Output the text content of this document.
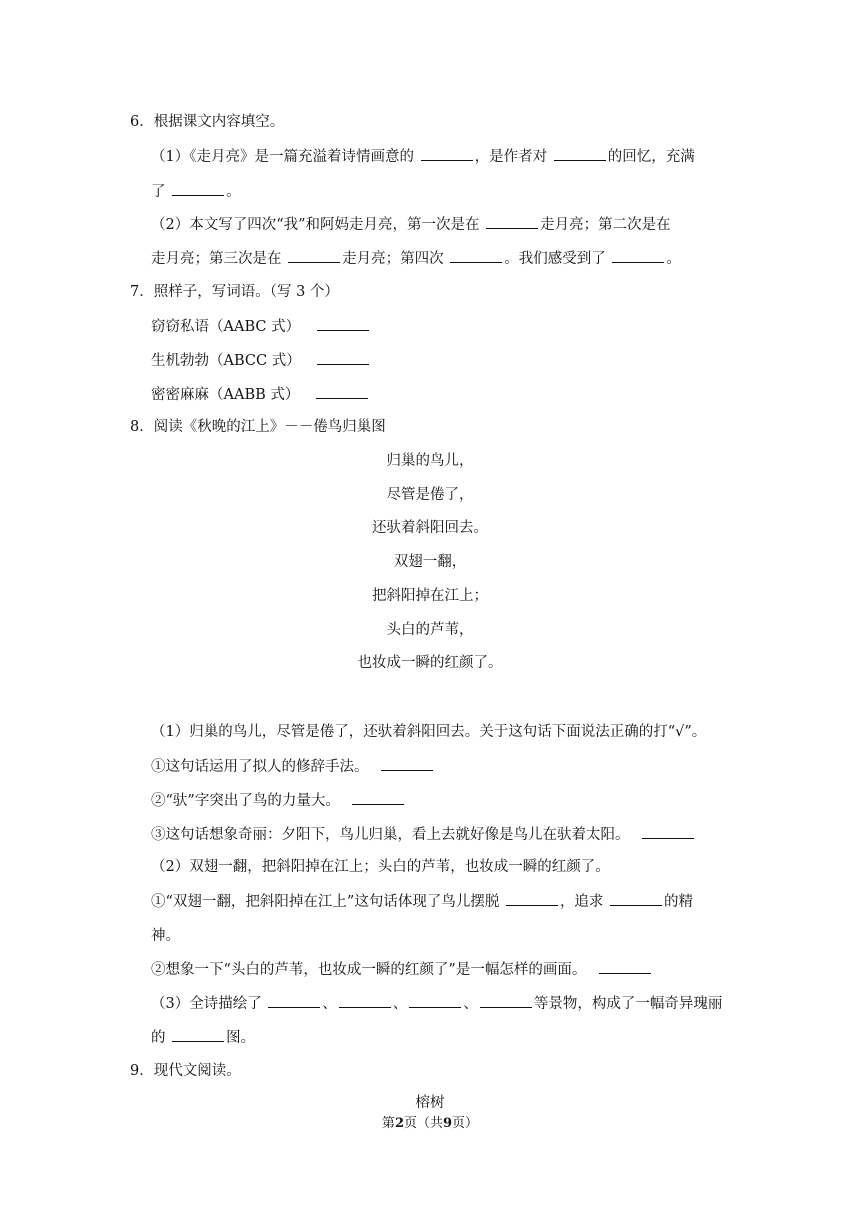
6．根据课文内容填空。
（1）《走月亮》是一篇充溢着诗情画意的	，是作者对	的回忆，充满
了	。
（2）本文写了四次“我”和阿妈走月亮，第一次是在	走月亮；第二次是在
走月亮；第三次是在	走月亮；第四次	。我们感受到了	。
7．照样子，写词语。（写 3 个）
窃窃私语（AABC 式）
生机勃勃（ABCC 式）
密密麻麻（AABB 式）
8．阅读《秋晚的江上》－－倦鸟归巢图
归巢的鸟儿，
尽管是倦了，
还驮着斜阳回去。
双翅一翻，
把斜阳掉在江上；
头白的芦苇，
也妆成一瞬的红颜了。
（1）归巢的鸟儿，尽管是倦了，还驮着斜阳回去。关于这句话下面说法正确的打“√”。
①这句话运用了拟人的修辞手法。
②“驮”字突出了鸟的力量大。
③这句话想象奇丽：夕阳下，鸟儿归巢，看上去就好像是鸟儿在驮着太阳。
（2）双翅一翻，把斜阳掉在江上；头白的芦苇，也妆成一瞬的红颜了。
①“双翅一翻，把斜阳掉在江上”这句话体现了鸟儿摆脱	，追求	的精
神。
②想象一下“头白的芦苇，也妆成一瞬的红颜了”是一幅怎样的画面。
（3）全诗描绘了	、	、	、	等景物，构成了一幅奇异瑰丽
的	图。
9．现代文阅读。
榕树
第2页（共9页）
